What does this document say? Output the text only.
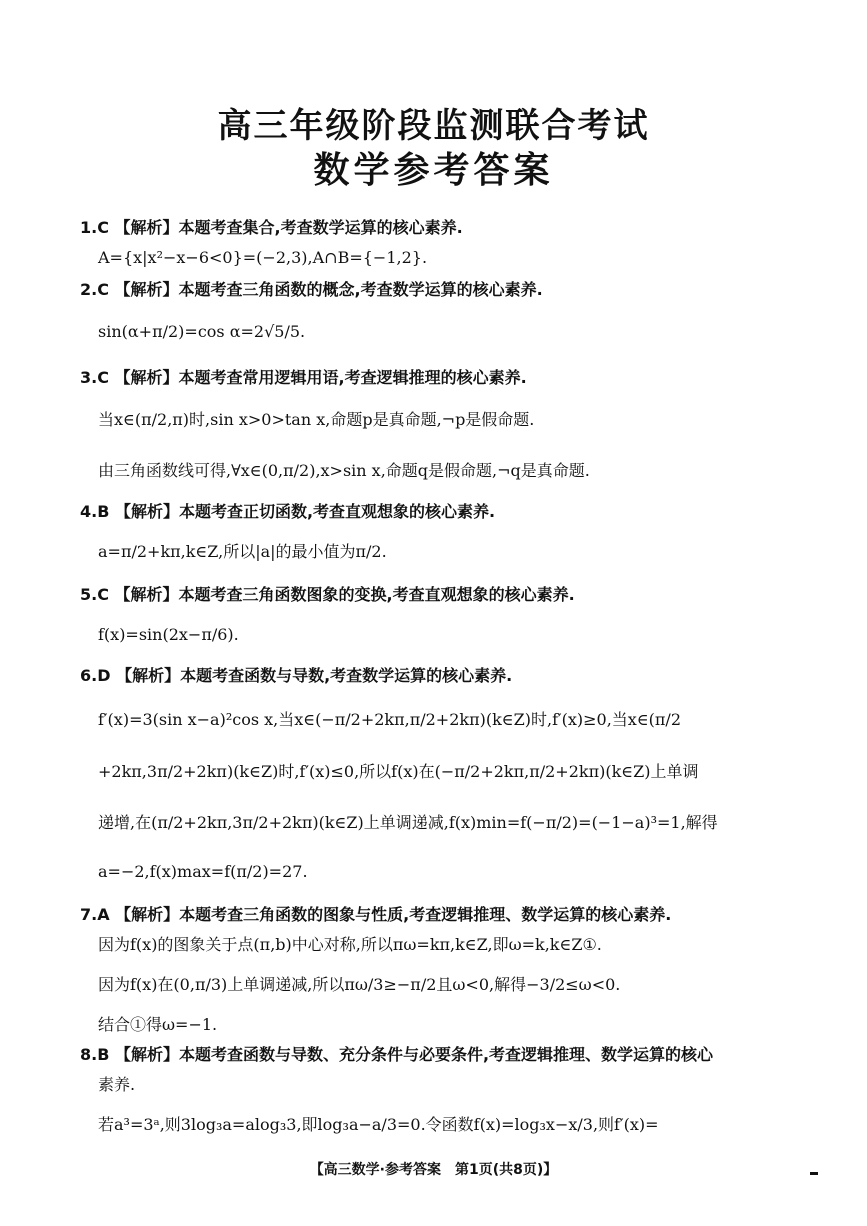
高三年级阶段监测联合考试
数学参考答案
1.C 【解析】本题考查集合,考查数学运算的核心素养.
A={x|x²−x−6<0}=(−2,3),A∩B={−1,2}.
2.C 【解析】本题考查三角函数的概念,考查数学运算的核心素养.
sin(α+π/2)=cos α=2√5/5.
3.C 【解析】本题考查常用逻辑用语,考查逻辑推理的核心素养.
当x∈(π/2,π)时,sin x>0>tan x,命题p是真命题,¬p是假命题.
由三角函数线可得,∀x∈(0,π/2),x>sin x,命题q是假命题,¬q是真命题.
4.B 【解析】本题考查正切函数,考查直观想象的核心素养.
a=π/2+kπ,k∈Z,所以|a|的最小值为π/2.
5.C 【解析】本题考查三角函数图象的变换,考查直观想象的核心素养.
f(x)=sin(2x−π/6).
6.D 【解析】本题考查函数与导数,考查数学运算的核心素养.
f′(x)=3(sin x−a)²cos x,当x∈(−π/2+2kπ,π/2+2kπ)(k∈Z)时,f′(x)≥0,当x∈(π/2
+2kπ,3π/2+2kπ)(k∈Z)时,f′(x)≤0,所以f(x)在(−π/2+2kπ,π/2+2kπ)(k∈Z)上单调
递增,在(π/2+2kπ,3π/2+2kπ)(k∈Z)上单调递减,f(x)min=f(−π/2)=(−1−a)³=1,解得
a=−2,f(x)max=f(π/2)=27.
7.A 【解析】本题考查三角函数的图象与性质,考查逻辑推理、数学运算的核心素养.
因为f(x)的图象关于点(π,b)中心对称,所以πω=kπ,k∈Z,即ω=k,k∈Z①.
因为f(x)在(0,π/3)上单调递减,所以πω/3≥−π/2且ω<0,解得−3/2≤ω<0.
结合①得ω=−1.
8.B 【解析】本题考查函数与导数、充分条件与必要条件,考查逻辑推理、数学运算的核心
素养.
若a³=3ᵃ,则3log₃a=alog₃3,即log₃a−a/3=0.令函数f(x)=log₃x−x/3,则f′(x)=
【高三数学·参考答案　第1页(共8页)】
